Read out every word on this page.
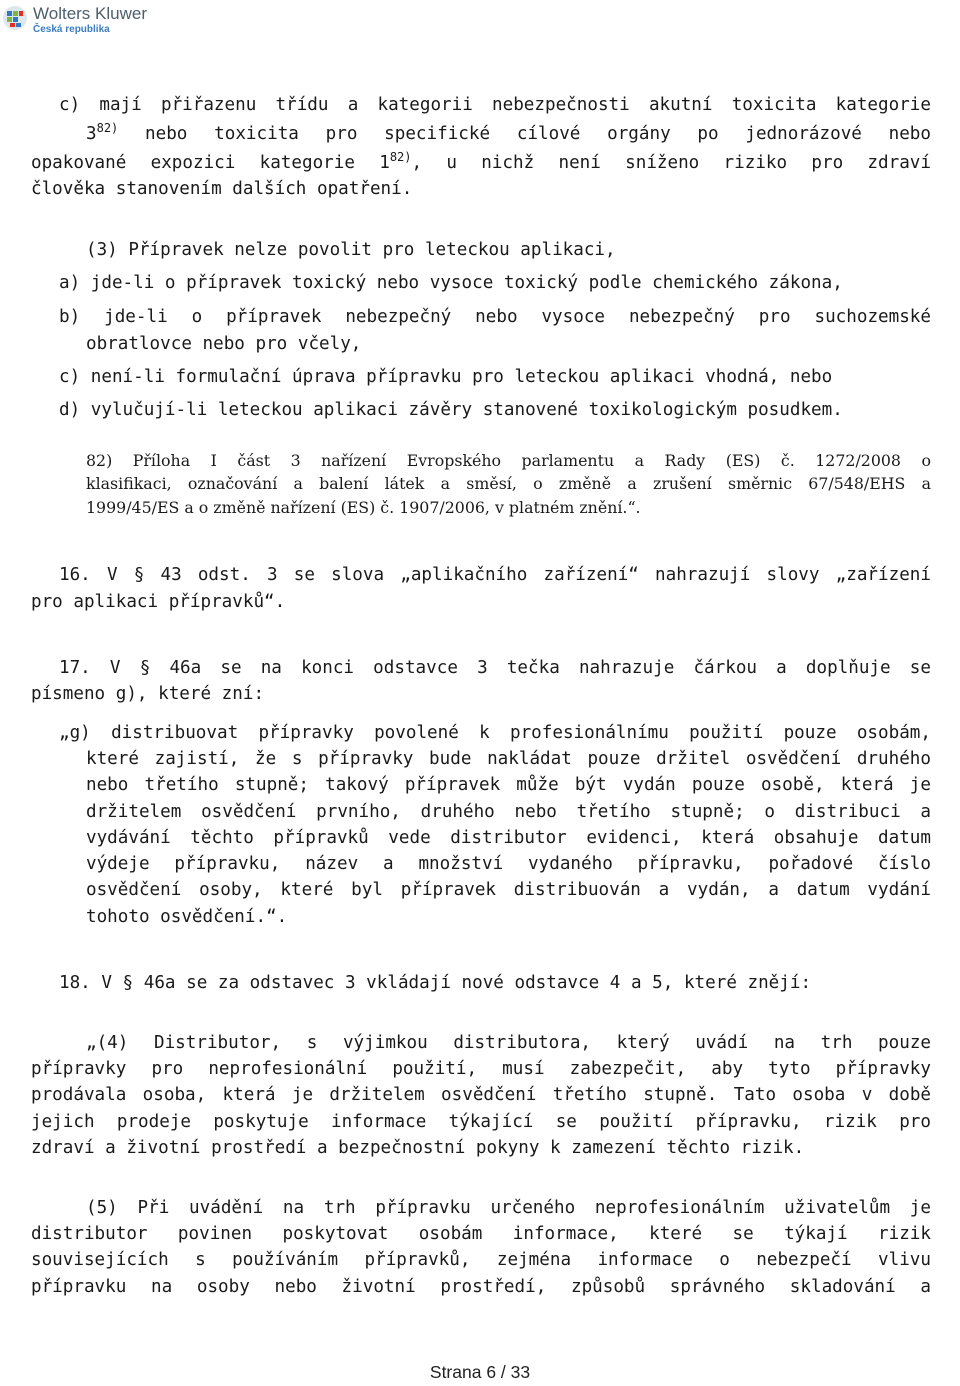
Wolters Kluwer
Česká republika
c) mají přiřazenu třídu a kategorii nebezpečnosti akutní toxicita kategorie
3$^{82)}$ nebo toxicita pro specifické cílové orgány po jednorázové nebo
opakované expozici kategorie 1$^{82)}$, u nichž není sníženo riziko pro zdraví
člověka stanovením dalších opatření.
(3) Přípravek nelze povolit pro leteckou aplikaci,
a) jde-li o přípravek toxický nebo vysoce toxický podle chemického zákona,
b) jde-li o přípravek nebezpečný nebo vysoce nebezpečný pro suchozemské
obratlovce nebo pro včely,
c) není-li formulační úprava přípravku pro leteckou aplikaci vhodná, nebo
d) vylučují-li leteckou aplikaci závěry stanovené toxikologickým posudkem.
82) Příloha I část 3 nařízení Evropského parlamentu a Rady (ES) č. 1272/2008 o
klasifikaci, označování a balení látek a směsí, o změně a zrušení směrnic 67/548/EHS a
1999/45/ES a o změně nařízení (ES) č. 1907/2006, v platném znění.“.
16. V § 43 odst. 3 se slova „aplikačního zařízení“ nahrazují slovy „zařízení
pro aplikaci přípravků“.
17. V § 46a se na konci odstavce 3 tečka nahrazuje čárkou a doplňuje se
písmeno g), které zní:
„g) distribuovat přípravky povolené k profesionálnímu použití pouze osobám,
které zajistí, že s přípravky bude nakládat pouze držitel osvědčení druhého
nebo třetího stupně; takový přípravek může být vydán pouze osobě, která je
držitelem osvědčení prvního, druhého nebo třetího stupně; o distribuci a
vydávání těchto přípravků vede distributor evidenci, která obsahuje datum
výdeje přípravku, název a množství vydaného přípravku, pořadové číslo
osvědčení osoby, které byl přípravek distribuován a vydán, a datum vydání
tohoto osvědčení.“.
18. V § 46a se za odstavec 3 vkládají nové odstavce 4 a 5, které znějí:
„(4) Distributor, s výjimkou distributora, který uvádí na trh pouze
přípravky pro neprofesionální použití, musí zabezpečit, aby tyto přípravky
prodávala osoba, která je držitelem osvědčení třetího stupně. Tato osoba v době
jejich prodeje poskytuje informace týkající se použití přípravku, rizik pro
zdraví a životní prostředí a bezpečnostní pokyny k zamezení těchto rizik.
(5) Při uvádění na trh přípravku určeného neprofesionálním uživatelům je
distributor povinen poskytovat osobám informace, které se týkají rizik
souvisejících s používáním přípravků, zejména informace o nebezpečí vlivu
přípravku na osoby nebo životní prostředí, způsobů správného skladování a
Strana 6 / 33
